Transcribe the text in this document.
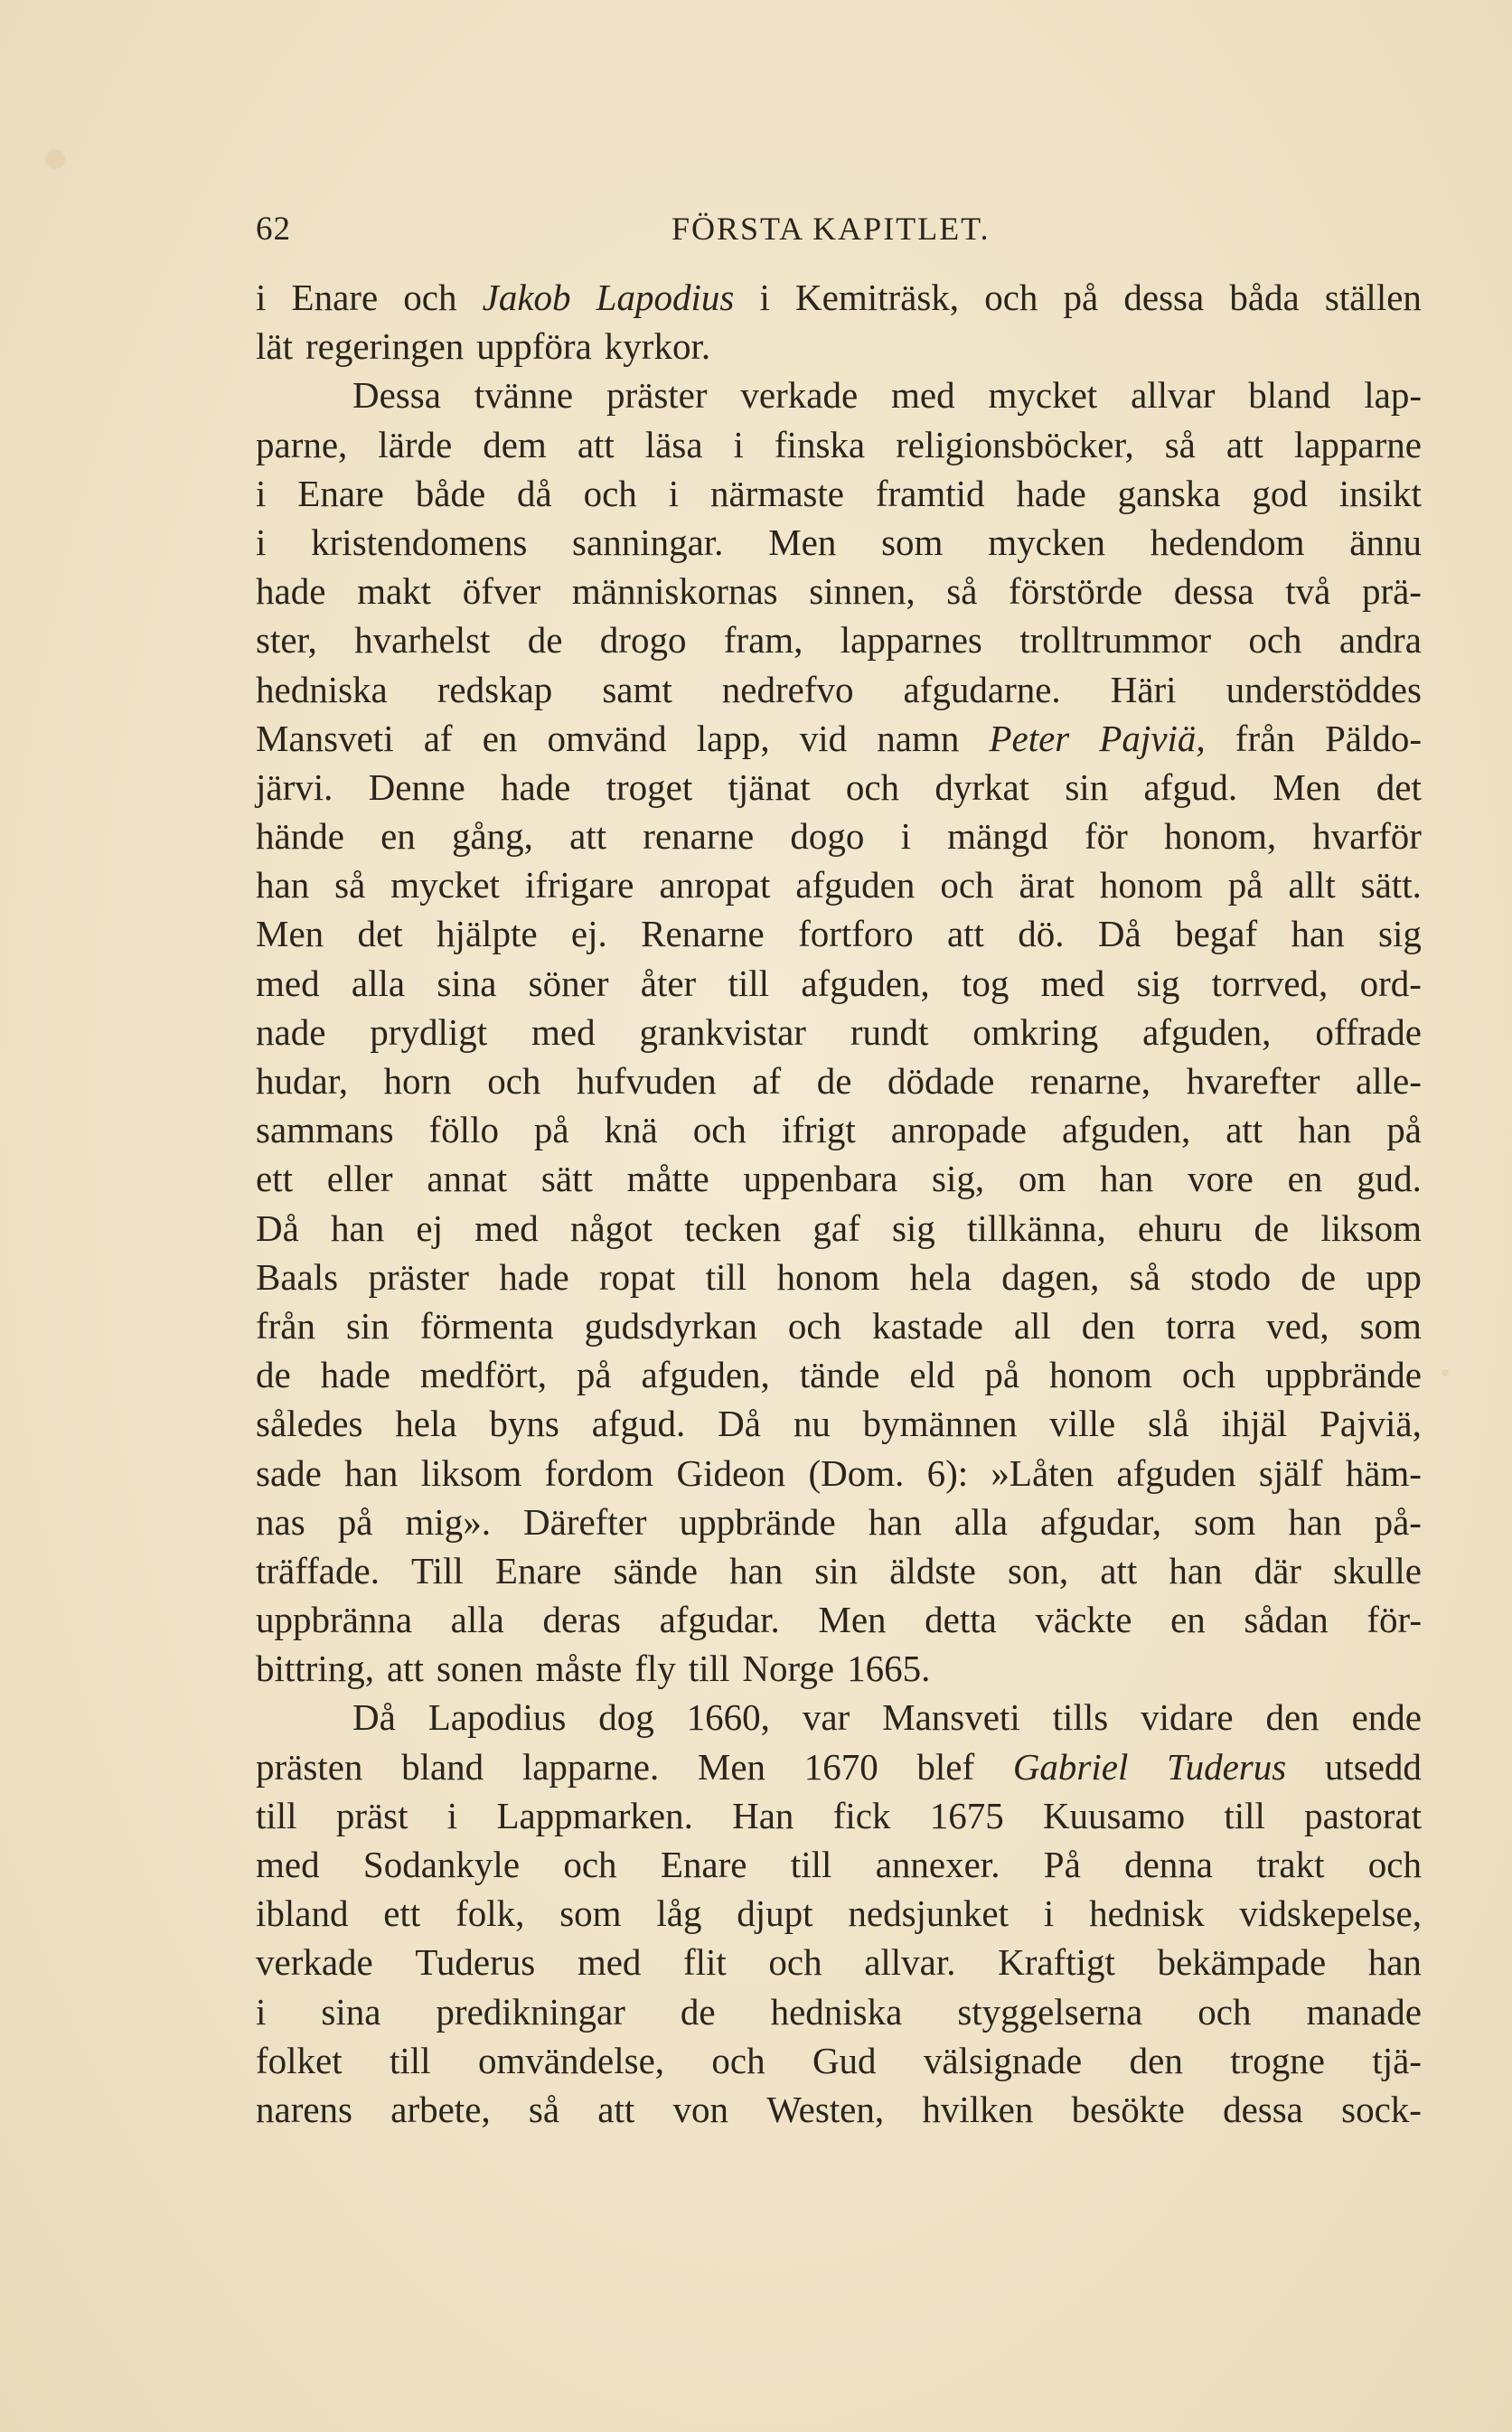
62	FÖRSTA KAPITLET.
i Enare och Jakob Lapodius i Kemiträsk, och på dessa båda ställen
lät regeringen uppföra kyrkor.
Dessa tvänne präster verkade med mycket allvar bland lap-
parne, lärde dem att läsa i finska religionsböcker, så att lapparne
i Enare både då och i närmaste framtid hade ganska god insikt
i kristendomens sanningar. Men som mycken hedendom ännu
hade makt öfver människornas sinnen, så förstörde dessa två prä-
ster, hvarhelst de drogo fram, lapparnes trolltrummor och andra
hedniska redskap samt nedrefvo afgudarne. Häri understöddes
Mansveti af en omvänd lapp, vid namn Peter Pajviä, från Päldo-
järvi. Denne hade troget tjänat och dyrkat sin afgud. Men det
hände en gång, att renarne dogo i mängd för honom, hvarför
han så mycket ifrigare anropat afguden och ärat honom på allt sätt.
Men det hjälpte ej. Renarne fortforo att dö. Då begaf han sig
med alla sina söner åter till afguden, tog med sig torrved, ord-
nade prydligt med grankvistar rundt omkring afguden, offrade
hudar, horn och hufvuden af de dödade renarne, hvarefter alle-
sammans föllo på knä och ifrigt anropade afguden, att han på
ett eller annat sätt måtte uppenbara sig, om han vore en gud.
Då han ej med något tecken gaf sig tillkänna, ehuru de liksom
Baals präster hade ropat till honom hela dagen, så stodo de upp
från sin förmenta gudsdyrkan och kastade all den torra ved, som
de hade medfört, på afguden, tände eld på honom och uppbrände
således hela byns afgud. Då nu bymännen ville slå ihjäl Pajviä,
sade han liksom fordom Gideon (Dom. 6): »Låten afguden själf häm-
nas på mig». Därefter uppbrände han alla afgudar, som han på-
träffade. Till Enare sände han sin äldste son, att han där skulle
uppbränna alla deras afgudar. Men detta väckte en sådan för-
bittring, att sonen måste fly till Norge 1665.
Då Lapodius dog 1660, var Mansveti tills vidare den ende
prästen bland lapparne. Men 1670 blef Gabriel Tuderus utsedd
till präst i Lappmarken. Han fick 1675 Kuusamo till pastorat
med Sodankyle och Enare till annexer. På denna trakt och
ibland ett folk, som låg djupt nedsjunket i hednisk vidskepelse,
verkade Tuderus med flit och allvar. Kraftigt bekämpade han
i sina predikningar de hedniska styggelserna och manade
folket till omvändelse, och Gud välsignade den trogne tjä-
narens arbete, så att von Westen, hvilken besökte dessa sock-
